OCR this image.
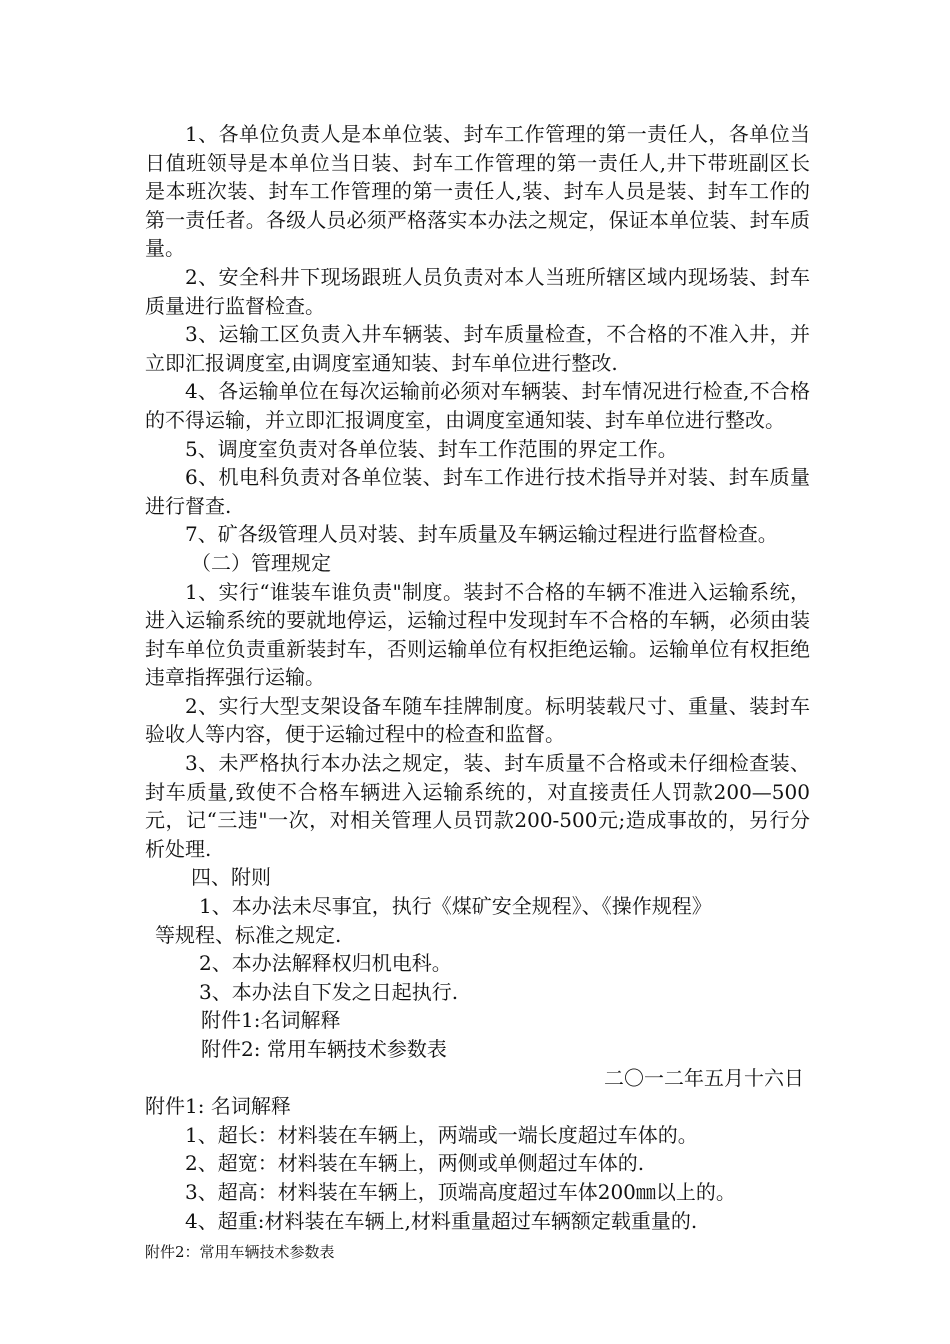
1、各单位负责人是本单位装、封车工作管理的第一责任人，各单位当日值班领导是本单位当日装、封车工作管理的第一责任人,井下带班副区长是本班次装、封车工作管理的第一责任人,装、封车人员是装、封车工作的第一责任者。各级人员必须严格落实本办法之规定，保证本单位装、封车质量。

2、安全科井下现场跟班人员负责对本人当班所辖区域内现场装、封车质量进行监督检查。

3、运输工区负责入井车辆装、封车质量检查，不合格的不准入井，并立即汇报调度室,由调度室通知装、封车单位进行整改.

4、各运输单位在每次运输前必须对车辆装、封车情况进行检查,不合格的不得运输，并立即汇报调度室，由调度室通知装、封车单位进行整改。

5、调度室负责对各单位装、封车工作范围的界定工作。

6、机电科负责对各单位装、封车工作进行技术指导并对装、封车质量进行督查.

7、矿各级管理人员对装、封车质量及车辆运输过程进行监督检查。

（二）管理规定

1、实行“谁装车谁负责"制度。装封不合格的车辆不准进入运输系统，进入运输系统的要就地停运，运输过程中发现封车不合格的车辆，必须由装封车单位负责重新装封车，否则运输单位有权拒绝运输。运输单位有权拒绝违章指挥强行运输。

2、实行大型支架设备车随车挂牌制度。标明装载尺寸、重量、装封车验收人等内容，便于运输过程中的检查和监督。

3、未严格执行本办法之规定，装、封车质量不合格或未仔细检查装、封车质量,致使不合格车辆进入运输系统的，对直接责任人罚款200—500元，记“三违"一次，对相关管理人员罚款200-500元;造成事故的，另行分析处理.

四、附则

1、本办法未尽事宜，执行《煤矿安全规程》、《操作规程》

等规程、标准之规定.

2、本办法解释权归机电科。

3、本办法自下发之日起执行.

附件1:名词解释

附件2: 常用车辆技术参数表

二〇一二年五月十六日

附件1: 名词解释

1、超长：材料装在车辆上，两端或一端长度超过车体的。

2、超宽：材料装在车辆上，两侧或单侧超过车体的.

3、超高：材料装在车辆上，顶端高度超过车体200㎜以上的。

4、超重:材料装在车辆上,材料重量超过车辆额定载重量的.

附件2：常用车辆技术参数表
